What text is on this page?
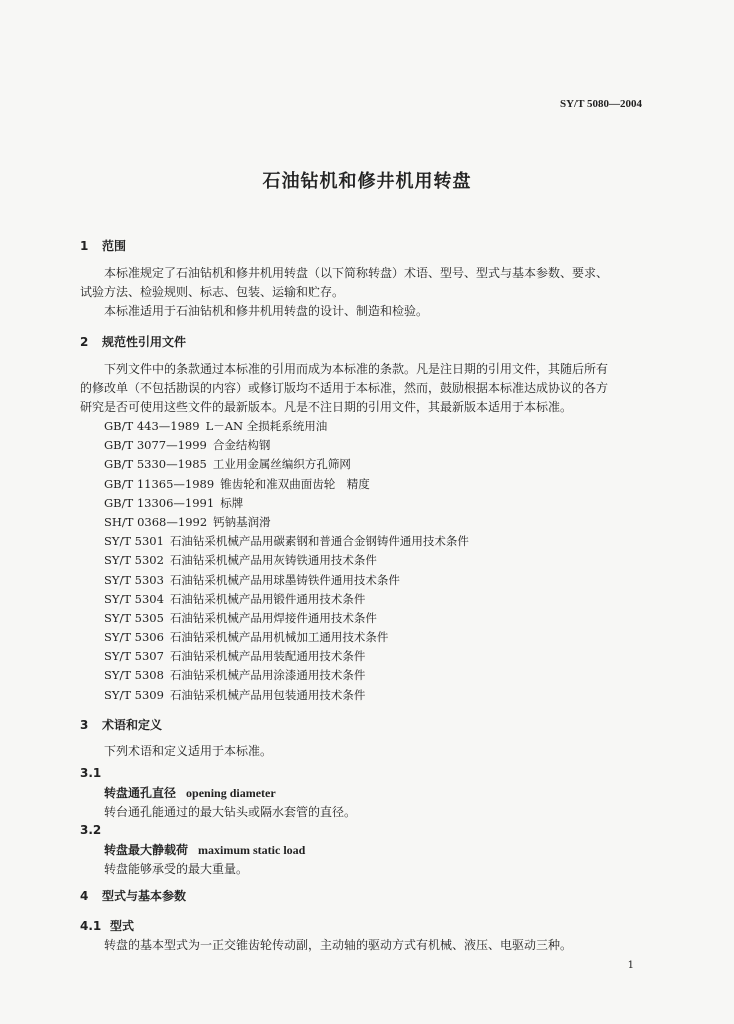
SY/T 5080—2004
石油钻机和修井机用转盘
1 范围
本标准规定了石油钻机和修井机用转盘（以下简称转盘）术语、型号、型式与基本参数、要求、
试验方法、检验规则、标志、包装、运输和贮存。
本标准适用于石油钻机和修井机用转盘的设计、制造和检验。
2 规范性引用文件
下列文件中的条款通过本标准的引用而成为本标准的条款。凡是注日期的引用文件，其随后所有
的修改单（不包括勘误的内容）或修订版均不适用于本标准，然而，鼓励根据本标准达成协议的各方
研究是否可使用这些文件的最新版本。凡是不注日期的引用文件，其最新版本适用于本标准。
GB/T 443—1989 L－AN 全损耗系统用油
GB/T 3077—1999 合金结构钢
GB/T 5330—1985 工业用金属丝编织方孔筛网
GB/T 11365—1989 锥齿轮和准双曲面齿轮　精度
GB/T 13306—1991 标牌
SH/T 0368—1992 钙钠基润滑
SY/T 5301 石油钻采机械产品用碳素钢和普通合金钢铸件通用技术条件
SY/T 5302 石油钻采机械产品用灰铸铁通用技术条件
SY/T 5303 石油钻采机械产品用球墨铸铁件通用技术条件
SY/T 5304 石油钻采机械产品用锻件通用技术条件
SY/T 5305 石油钻采机械产品用焊接件通用技术条件
SY/T 5306 石油钻采机械产品用机械加工通用技术条件
SY/T 5307 石油钻采机械产品用装配通用技术条件
SY/T 5308 石油钻采机械产品用涂漆通用技术条件
SY/T 5309 石油钻采机械产品用包装通用技术条件
3 术语和定义
下列术语和定义适用于本标准。
3.1
转盘通孔直径 opening diameter
转台通孔能通过的最大钻头或隔水套管的直径。
3.2
转盘最大静载荷 maximum static load
转盘能够承受的最大重量。
4 型式与基本参数
4.1 型式
转盘的基本型式为一正交锥齿轮传动副，主动轴的驱动方式有机械、液压、电驱动三种。
1
